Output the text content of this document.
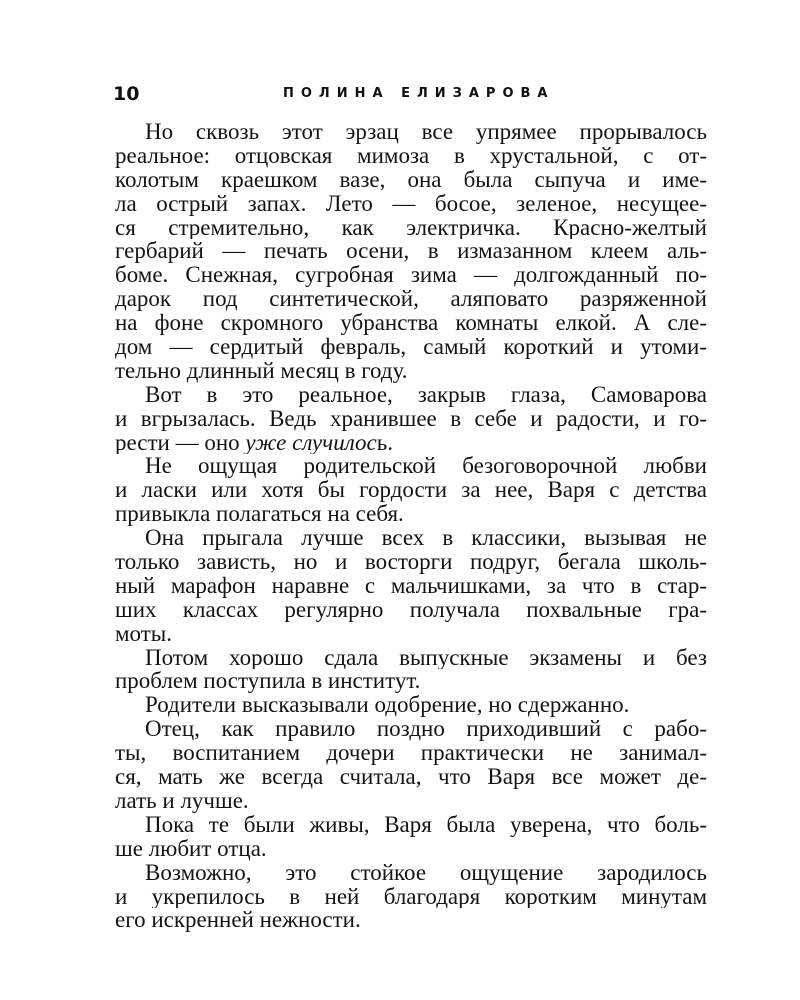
10	ПОЛИНА ЕЛИЗАРОВА
Но сквозь этот эрзац все упрямее прорывалось
реальное: отцовская мимоза в хрустальной, с от-
колотым краешком вазе, она была сыпуча и име-
ла острый запах. Лето — босое, зеленое, несущее-
ся стремительно, как электричка. Красно-желтый
гербарий — печать осени, в измазанном клеем аль-
боме. Снежная, сугробная зима — долгожданный по-
дарок под синтетической, аляповато разряженной
на фоне скромного убранства комнаты елкой. А сле-
дом — сердитый февраль, самый короткий и утоми-
тельно длинный месяц в году.
Вот в это реальное, закрыв глаза, Самоварова
и вгрызалась. Ведь хранившее в себе и радости, и го-
рести — оно уже случилось.
Не ощущая родительской безоговорочной любви
и ласки или хотя бы гордости за нее, Варя с детства
привыкла полагаться на себя.
Она прыгала лучше всех в классики, вызывая не
только зависть, но и восторги подруг, бегала школь-
ный марафон наравне с мальчишками, за что в стар-
ших классах регулярно получала похвальные гра-
моты.
Потом хорошо сдала выпускные экзамены и без
проблем поступила в институт.
Родители высказывали одобрение, но сдержанно.
Отец, как правило поздно приходивший с рабо-
ты, воспитанием дочери практически не занимал-
ся, мать же всегда считала, что Варя все может де-
лать и лучше.
Пока те были живы, Варя была уверена, что боль-
ше любит отца.
Возможно, это стойкое ощущение зародилось
и укрепилось в ней благодаря коротким минутам
его искренней нежности.
